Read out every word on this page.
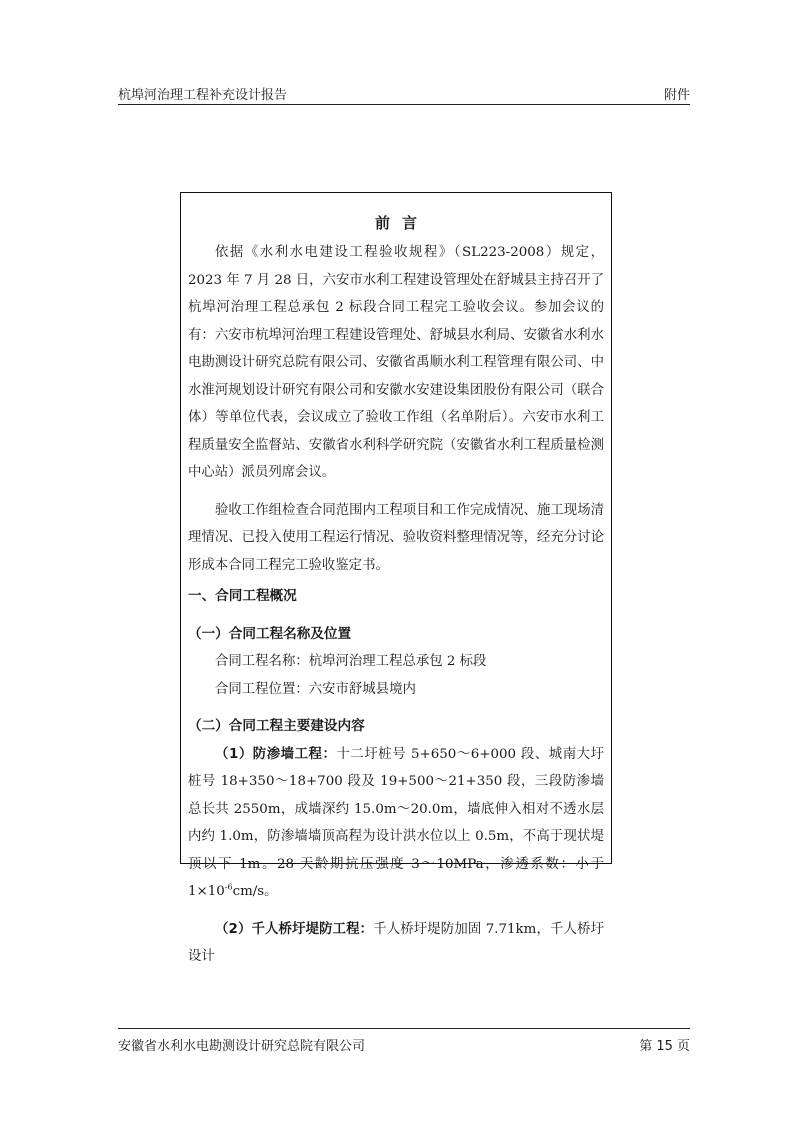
杭埠河治理工程补充设计报告	附件
前言

依据《水利水电建设工程验收规程》（SL223-2008）规定，2023 年 7 月 28 日，六安市水利工程建设管理处在舒城县主持召开了杭埠河治理工程总承包 2 标段合同工程完工验收会议。参加会议的有：六安市杭埠河治理工程建设管理处、舒城县水利局、安徽省水利水电勘测设计研究总院有限公司、安徽省禹顺水利工程管理有限公司、中水淮河规划设计研究有限公司和安徽水安建设集团股份有限公司（联合体）等单位代表，会议成立了验收工作组（名单附后）。六安市水利工程质量安全监督站、安徽省水利科学研究院（安徽省水利工程质量检测中心站）派员列席会议。

验收工作组检查合同范围内工程项目和工作完成情况、施工现场清理情况、已投入使用工程运行情况、验收资料整理情况等，经充分讨论形成本合同工程完工验收鉴定书。

一、合同工程概况
（一）合同工程名称及位置
合同工程名称：杭埠河治理工程总承包 2 标段
合同工程位置：六安市舒城县境内
（二）合同工程主要建设内容

（1）防渗墙工程：十二圩桩号 5+650～6+000 段、城南大圩桩号 18+350～18+700 段及 19+500～21+350 段，三段防渗墙总长共 2550m，成墙深约 15.0m～20.0m，墙底伸入相对不透水层内约 1.0m，防渗墙墙顶高程为设计洪水位以上 0.5m，不高于现状堤顶以下 1m。28 天龄期抗压强度 3～10MPa，渗透系数：小于 $1\times 10^{-6}cm/s$。

（2）千人桥圩堤防工程：千人桥圩堤防加固 7.71km，千人桥圩设计

安徽省水利水电勘测设计研究总院有限公司	第 15 页
